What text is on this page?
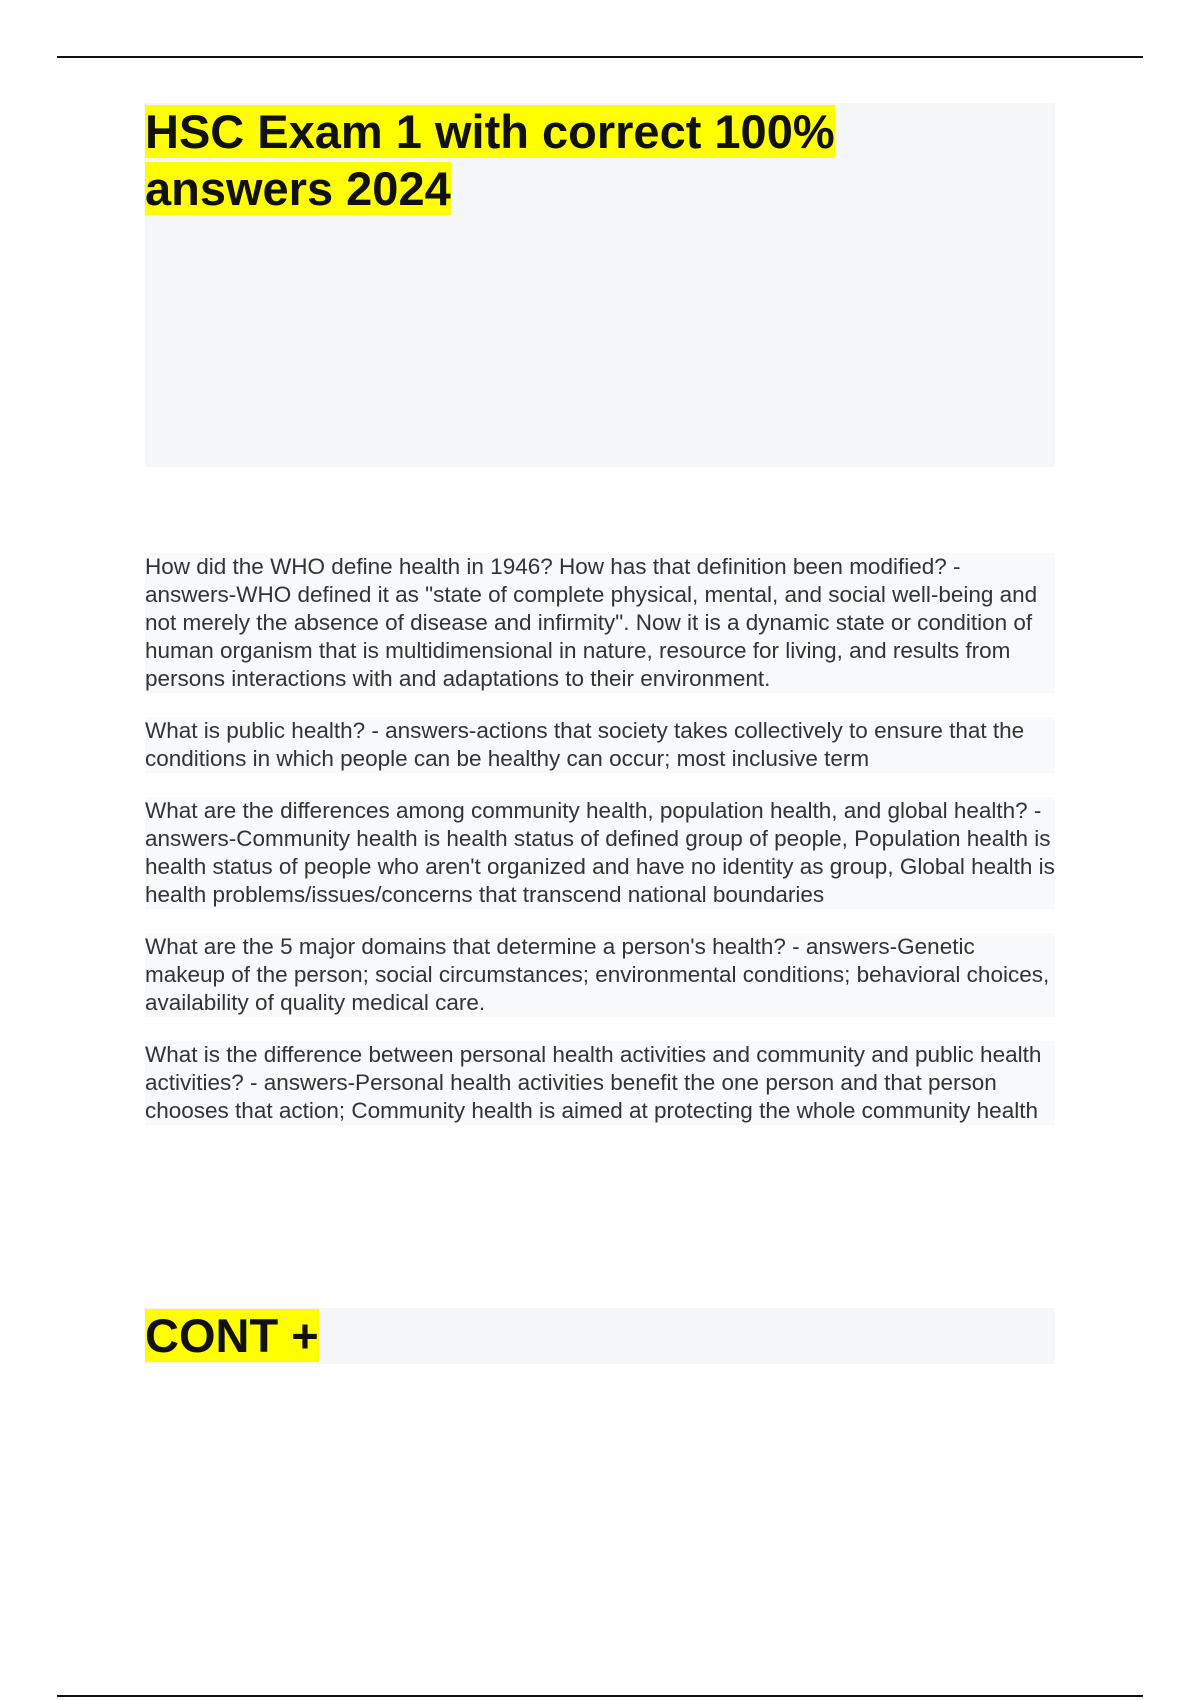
HSC Exam 1 with correct 100% answers 2024

How did the WHO define health in 1946? How has that definition been modified? - answers-WHO defined it as "state of complete physical, mental, and social well-being and not merely the absence of disease and infirmity". Now it is a dynamic state or condition of human organism that is multidimensional in nature, resource for living, and results from persons interactions with and adaptations to their environment.

What is public health? - answers-actions that society takes collectively to ensure that the conditions in which people can be healthy can occur; most inclusive term

What are the differences among community health, population health, and global health? - answers-Community health is health status of defined group of people, Population health is health status of people who aren't organized and have no identity as group, Global health is health problems/issues/concerns that transcend national boundaries

What are the 5 major domains that determine a person's health? - answers-Genetic makeup of the person; social circumstances; environmental conditions; behavioral choices, availability of quality medical care.

What is the difference between personal health activities and community and public health activities? - answers-Personal health activities benefit the one person and that person chooses that action; Community health is aimed at protecting the whole community health

CONT +
